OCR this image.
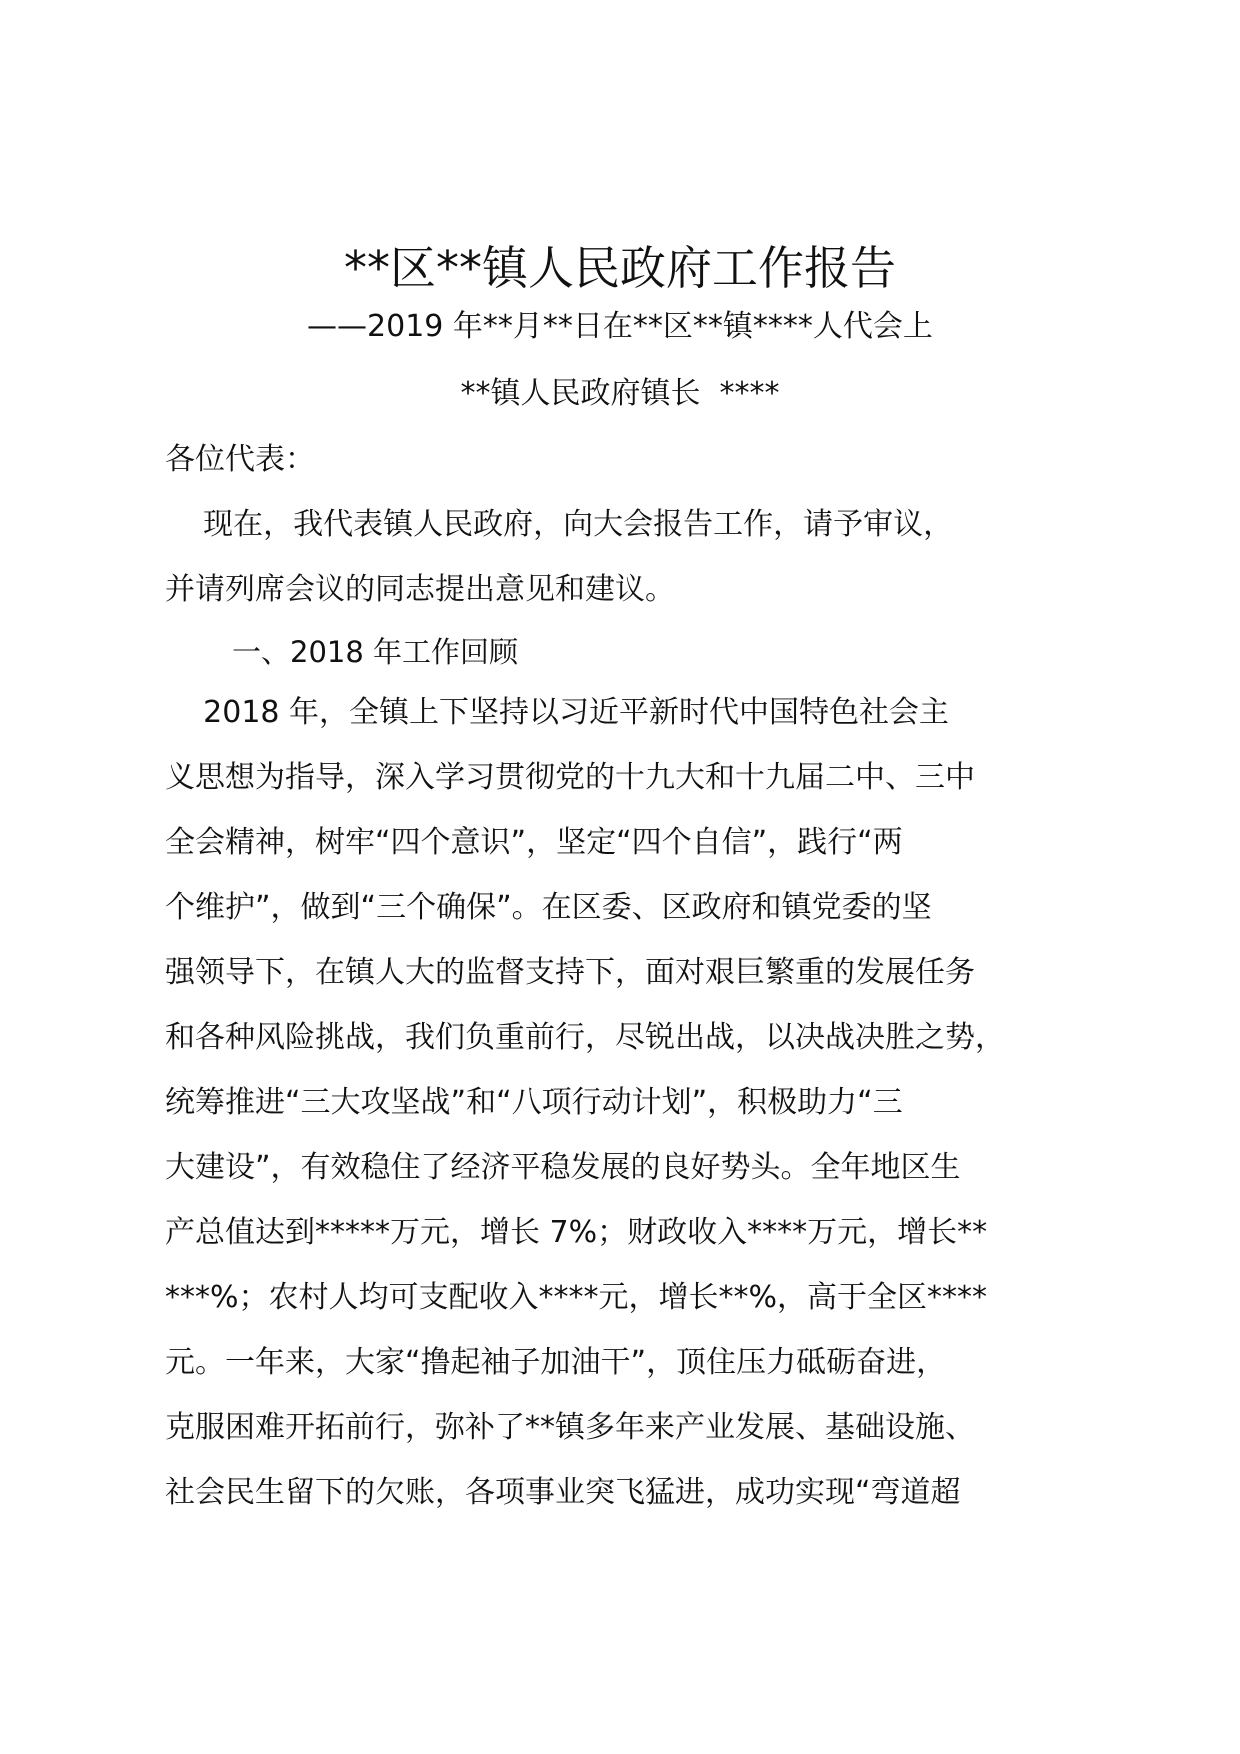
**区**镇人民政府工作报告
——2019 年**月**日在**区**镇****人代会上
**镇人民政府镇长  ****
各位代表：
现在，我代表镇人民政府，向大会报告工作，请予审议，
并请列席会议的同志提出意见和建议。
一、2018 年工作回顾
2018 年，全镇上下坚持以习近平新时代中国特色社会主
义思想为指导，深入学习贯彻党的十九大和十九届二中、三中
全会精神，树牢“四个意识”，坚定“四个自信”，践行“两
个维护”，做到“三个确保”。在区委、区政府和镇党委的坚
强领导下，在镇人大的监督支持下，面对艰巨繁重的发展任务
和各种风险挑战，我们负重前行，尽锐出战，以决战决胜之势，
统筹推进“三大攻坚战”和“八项行动计划”，积极助力“三
大建设”，有效稳住了经济平稳发展的良好势头。全年地区生
产总值达到*****万元，增长 7%；财政收入****万元，增长**
***%；农村人均可支配收入****元，增长**%，高于全区****
元。一年来，大家“撸起袖子加油干”，顶住压力砥砺奋进，
克服困难开拓前行，弥补了**镇多年来产业发展、基础设施、
社会民生留下的欠账，各项事业突飞猛进，成功实现“弯道超
